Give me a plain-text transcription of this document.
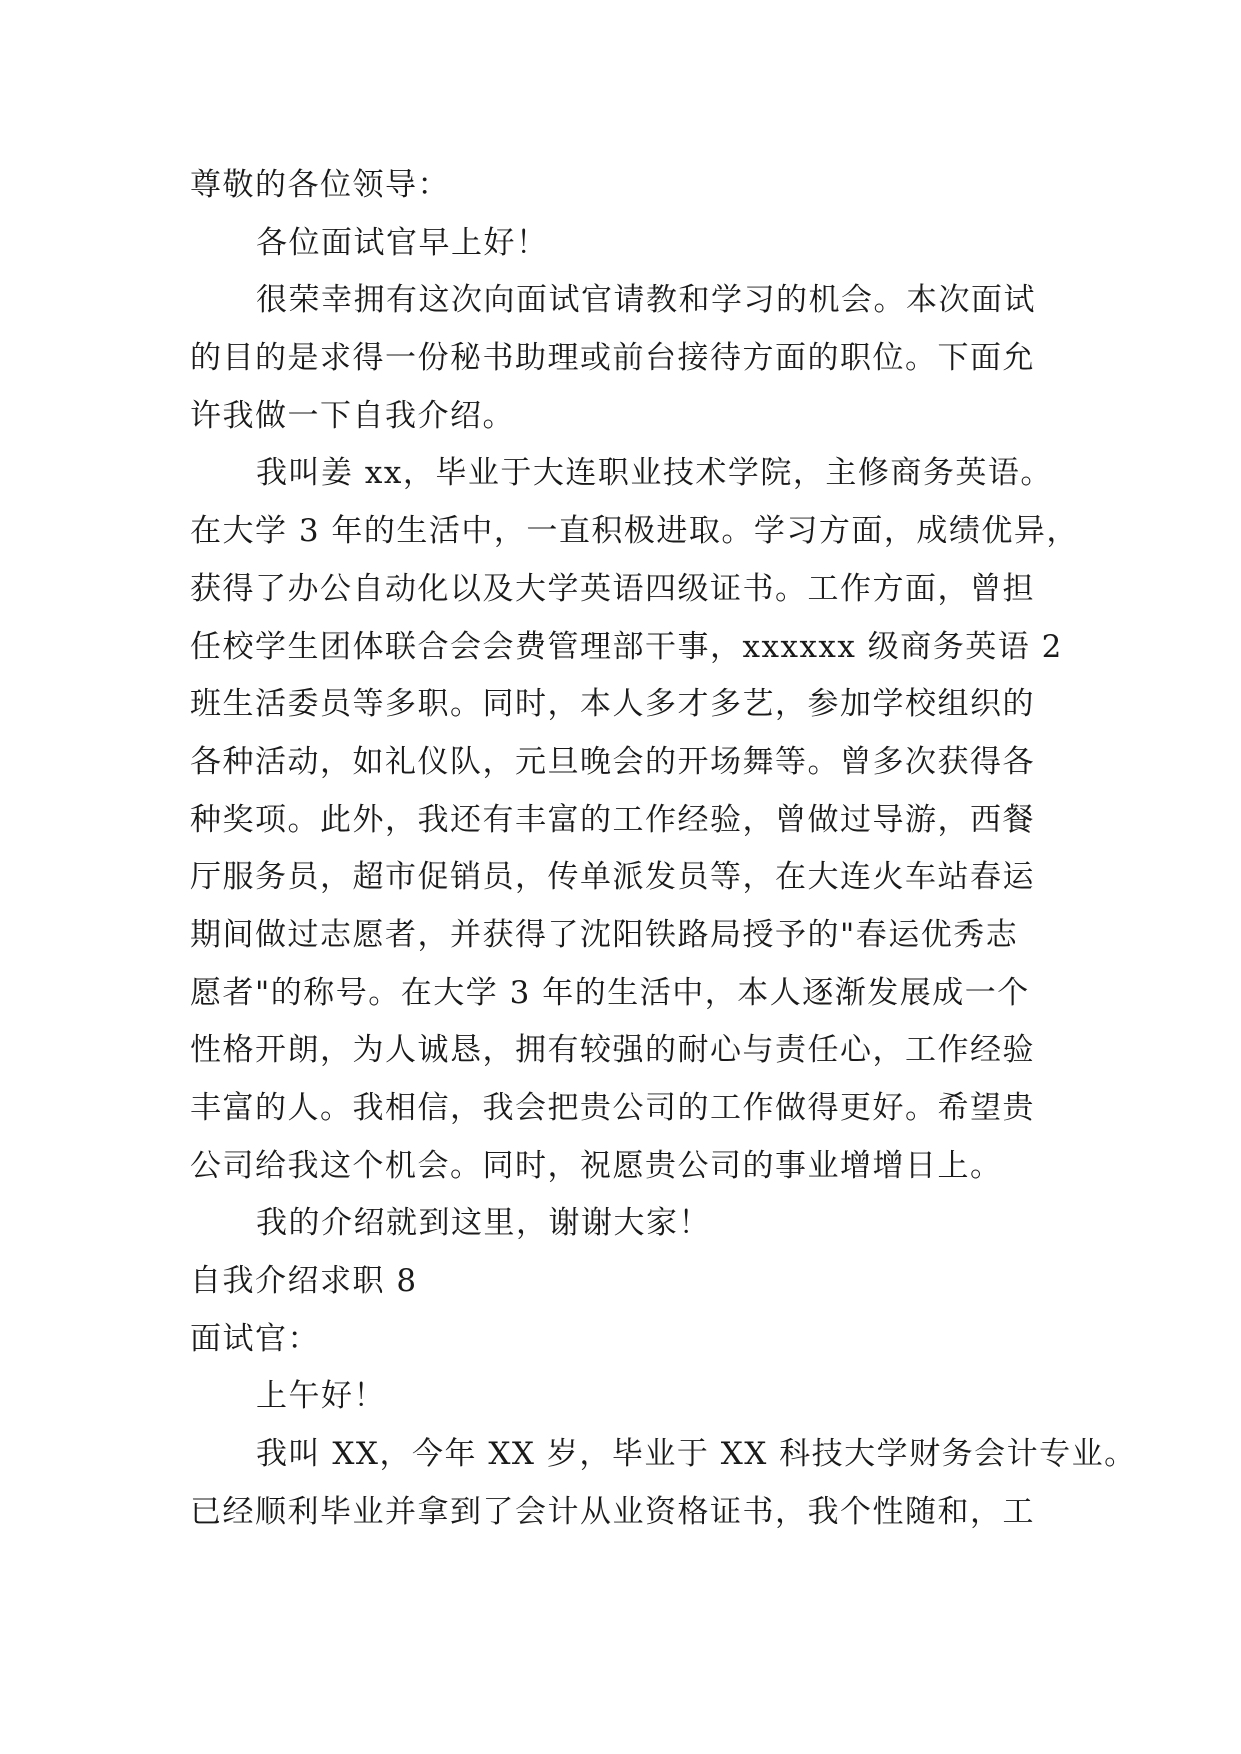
尊敬的各位领导：
各位面试官早上好！
很荣幸拥有这次向面试官请教和学习的机会。本次面试
的目的是求得一份秘书助理或前台接待方面的职位。下面允
许我做一下自我介绍。
我叫姜 xx，毕业于大连职业技术学院，主修商务英语。
在大学 3 年的生活中，一直积极进取。学习方面，成绩优异，
获得了办公自动化以及大学英语四级证书。工作方面，曾担
任校学生团体联合会会费管理部干事，xxxxxx 级商务英语 2
班生活委员等多职。同时，本人多才多艺，参加学校组织的
各种活动，如礼仪队，元旦晚会的开场舞等。曾多次获得各
种奖项。此外，我还有丰富的工作经验，曾做过导游，西餐
厅服务员，超市促销员，传单派发员等，在大连火车站春运
期间做过志愿者，并获得了沈阳铁路局授予的"春运优秀志
愿者"的称号。在大学 3 年的生活中，本人逐渐发展成一个
性格开朗，为人诚恳，拥有较强的耐心与责任心，工作经验
丰富的人。我相信，我会把贵公司的工作做得更好。希望贵
公司给我这个机会。同时，祝愿贵公司的事业增增日上。
我的介绍就到这里，谢谢大家！
自我介绍求职 8
面试官：
上午好！
我叫 XX，今年 XX 岁，毕业于 XX 科技大学财务会计专业。
已经顺利毕业并拿到了会计从业资格证书，我个性随和，工
